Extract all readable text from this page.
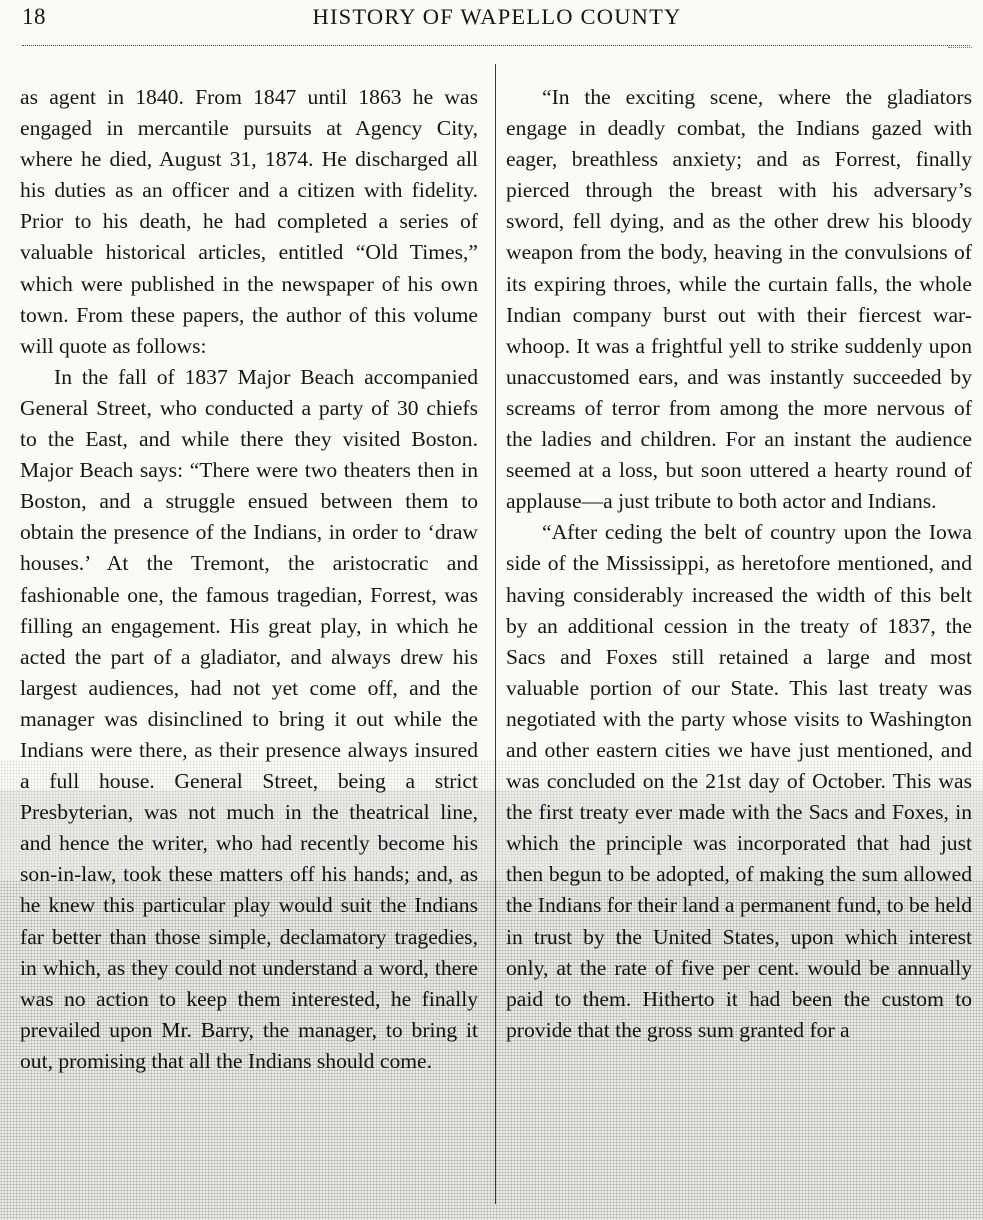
18	HISTORY OF WAPELLO COUNTY

as agent in 1840. From 1847 until 1863 he was engaged in mercantile pursuits at Agency City, where he died, August 31, 1874. He discharged all his duties as an officer and a citizen with fidelity. Prior to his death, he had completed a series of valuable historical articles, entitled “Old Times,” which were published in the newspaper of his own town. From these papers, the author of this volume will quote as follows:

In the fall of 1837 Major Beach accompanied General Street, who conducted a party of 30 chiefs to the East, and while there they visited Boston. Major Beach says: “There were two theaters then in Boston, and a struggle ensued between them to obtain the presence of the Indians, in order to ‘draw houses.’ At the Tremont, the aristocratic and fashionable one, the famous tragedian, Forrest, was filling an engagement. His great play, in which he acted the part of a gladiator, and always drew his largest audiences, had not yet come off, and the manager was disinclined to bring it out while the Indians were there, as their presence always insured a full house. General Street, being a strict Presbyterian, was not much in the theatrical line, and hence the writer, who had recently become his son-in-law, took these matters off his hands; and, as he knew this particular play would suit the Indians far better than those simple, declamatory tragedies, in which, as they could not understand a word, there was no action to keep them interested, he finally prevailed upon Mr. Barry, the manager, to bring it out, promising that all the Indians should come.

“In the exciting scene, where the gladiators engage in deadly combat, the Indians gazed with eager, breathless anxiety; and as Forrest, finally pierced through the breast with his adversary’s sword, fell dying, and as the other drew his bloody weapon from the body, heaving in the convulsions of its expiring throes, while the curtain falls, the whole Indian company burst out with their fiercest war-whoop. It was a frightful yell to strike suddenly upon unaccustomed ears, and was instantly succeeded by screams of terror from among the more nervous of the ladies and children. For an instant the audience seemed at a loss, but soon uttered a hearty round of applause—a just tribute to both actor and Indians.

“After ceding the belt of country upon the Iowa side of the Mississippi, as heretofore mentioned, and having considerably increased the width of this belt by an additional cession in the treaty of 1837, the Sacs and Foxes still retained a large and most valuable portion of our State. This last treaty was negotiated with the party whose visits to Washington and other eastern cities we have just mentioned, and was concluded on the 21st day of October. This was the first treaty ever made with the Sacs and Foxes, in which the principle was incorporated that had just then begun to be adopted, of making the sum allowed the Indians for their land a permanent fund, to be held in trust by the United States, upon which interest only, at the rate of five per cent. would be annually paid to them. Hitherto it had been the custom to provide that the gross sum granted for a
